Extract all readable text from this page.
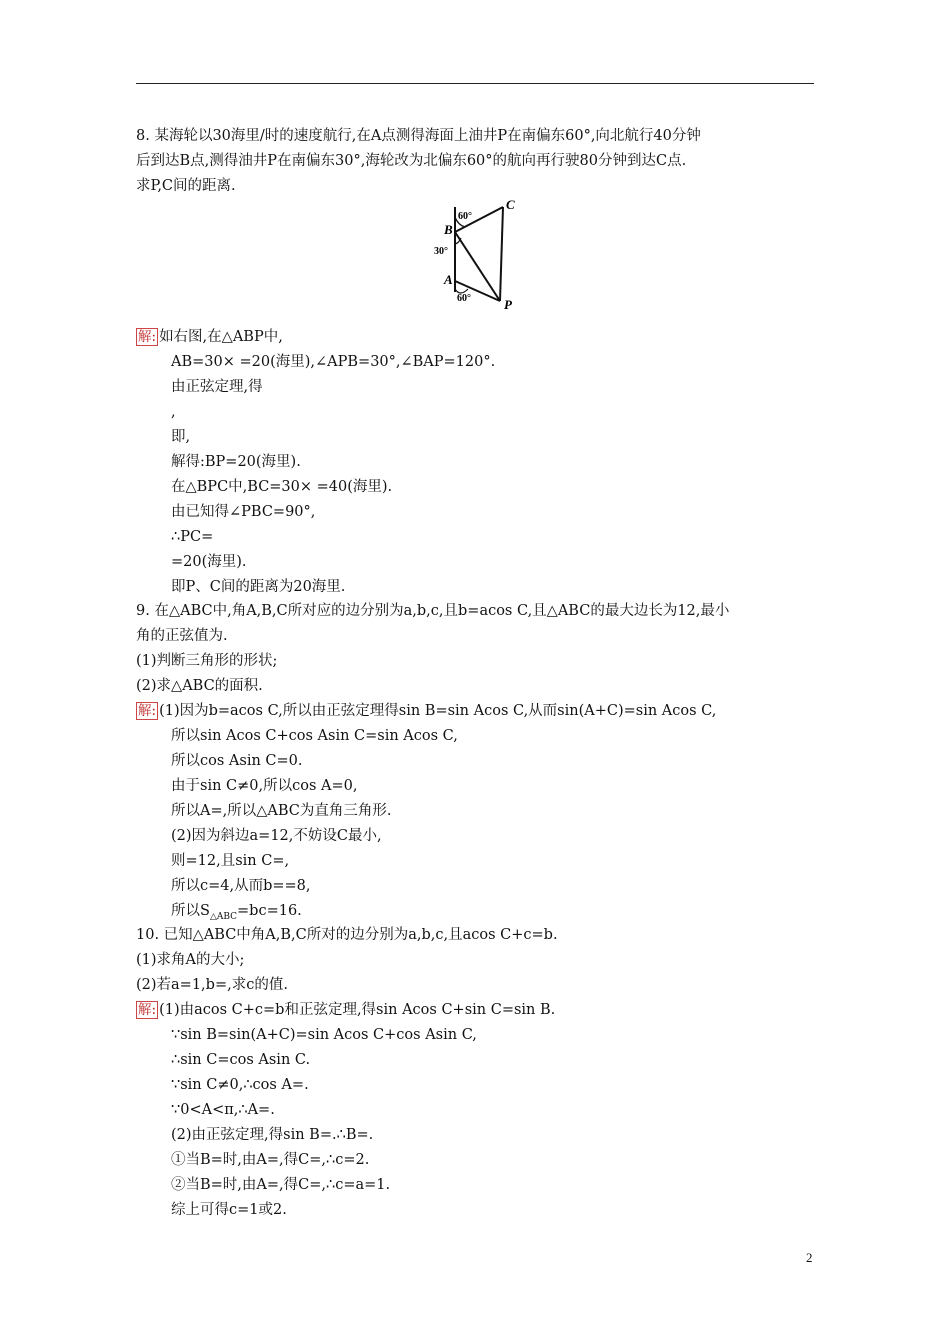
8. 某海轮以30海里/时的速度航行,在A点测得海面上油井P在南偏东60°,向北航行40分钟
后到达B点,测得油井P在南偏东30°,海轮改为北偏东60°的航向再行驶80分钟到达C点.
求P,C间的距离.
C
B
A
P
60°
30°
60°
解: 如右图,在△ABP中,
AB=30× =20(海里),∠APB=30°,∠BAP=120°.
由正弦定理,得
,
即,
解得:BP=20(海里).
在△BPC中,BC=30× =40(海里).
由已知得∠PBC=90°,
∴PC=
=20(海里).
即P、C间的距离为20海里.
9. 在△ABC中,角A,B,C所对应的边分别为a,b,c,且b=acos C,且△ABC的最大边长为12,最小
角的正弦值为.
(1)判断三角形的形状;
(2)求△ABC的面积.
解: (1)因为b=acos C,所以由正弦定理得sin B=sin Acos C,从而sin(A+C)=sin Acos C,
所以sin Acos C+cos Asin C=sin Acos C,
所以cos Asin C=0.
由于sin C≠0,所以cos A=0,
所以A=,所以△ABC为直角三角形.
(2)因为斜边a=12,不妨设C最小,
则=12,且sin C=,
所以c=4,从而b==8,
所以$S_{\triangle ABC}=bc=16$.
10. 已知△ABC中角A,B,C所对的边分别为a,b,c,且acos C+c=b.
(1)求角A的大小;
(2)若a=1,b=,求c的值.
解: (1)由acos C+c=b和正弦定理,得sin Acos C+sin C=sin B.
∵sin B=sin(A+C)=sin Acos C+cos Asin C,
∴sin C=cos Asin C.
∵sin C≠0,∴cos A=.
∵0<A<π,∴A=.
(2)由正弦定理,得sin B=.∴B=.
①当B=时,由A=,得C=,∴c=2.
②当B=时,由A=,得C=,∴c=a=1.
综上可得c=1或2.
2
